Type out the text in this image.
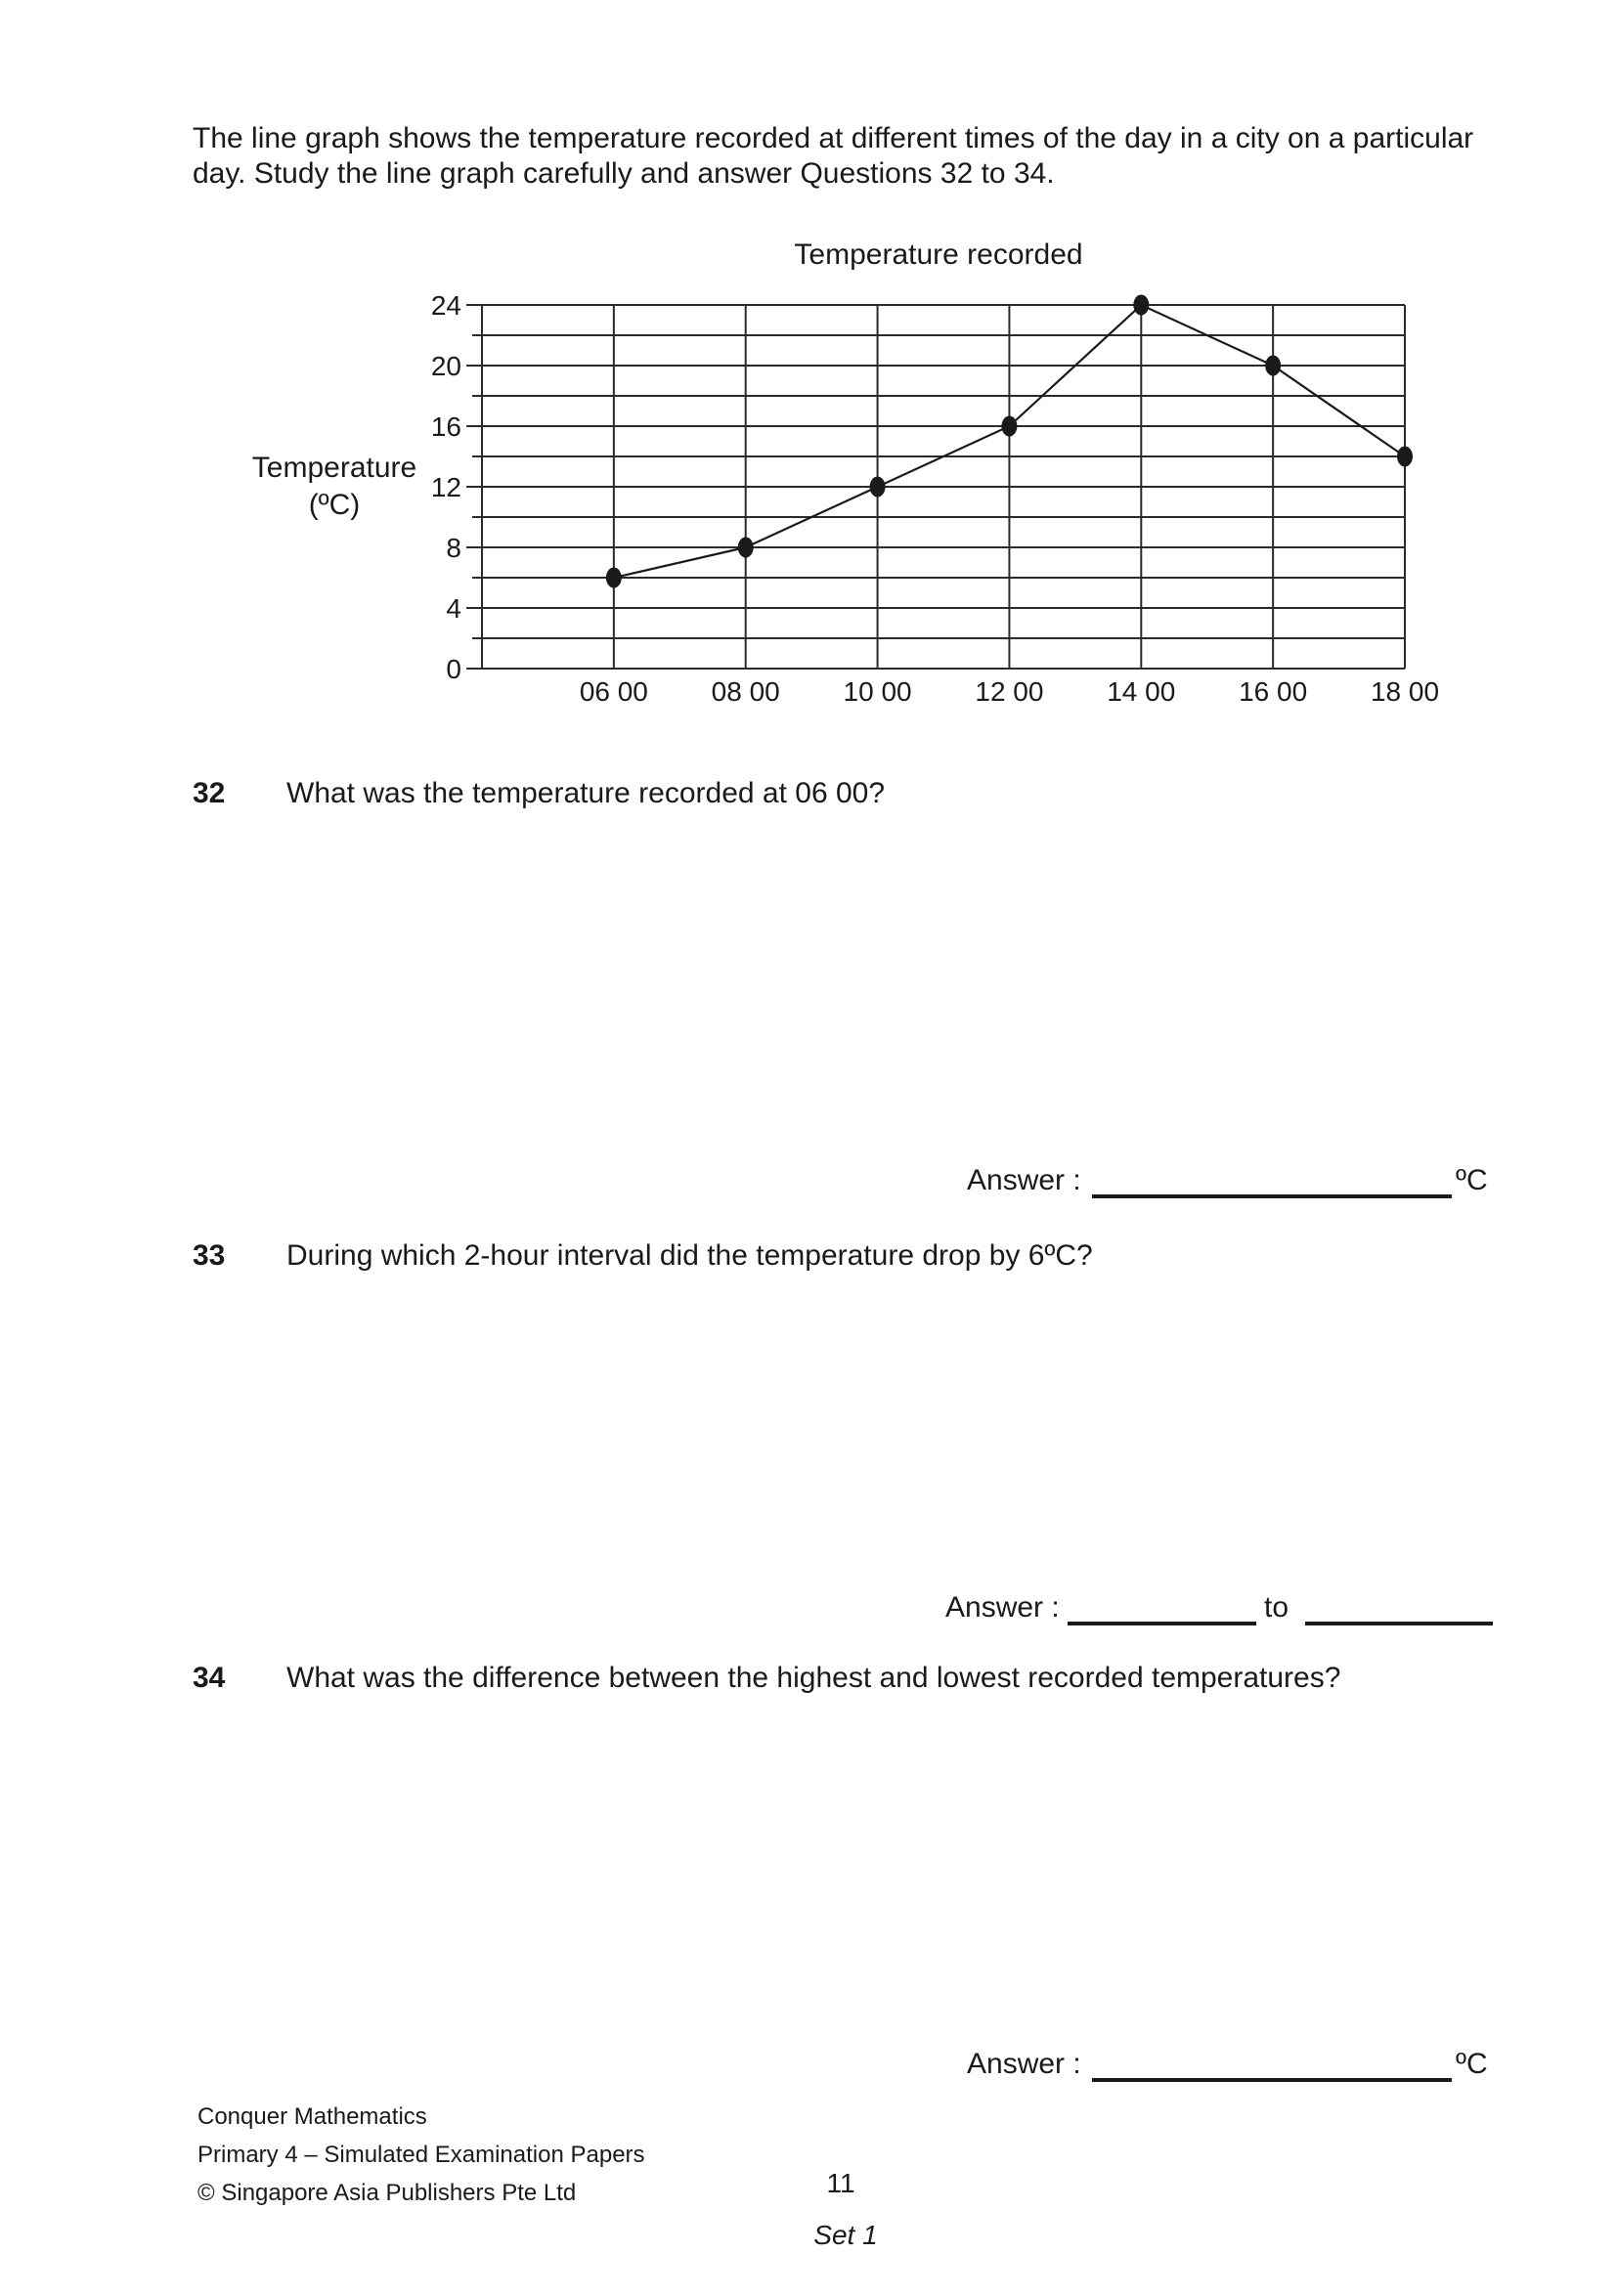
The line graph shows the temperature recorded at different times of the day in a city on a particular
day. Study the line graph carefully and answer Questions 32 to 34.
Temperature recorded
Temperature
(ºC)
0
4
8
12
16
20
24
06 00 08 00 10 00 12 00 14 00 16 00 18 00
32 What was the temperature recorded at 06 00?
Answer :	ºC
33 During which 2-hour interval did the temperature drop by 6ºC?
Answer :	to
34 What was the difference between the highest and lowest recorded temperatures?
Answer :	ºC
Conquer Mathematics
Primary 4 – Simulated Examination Papers
© Singapore Asia Publishers Pte Ltd	11
Set 1
